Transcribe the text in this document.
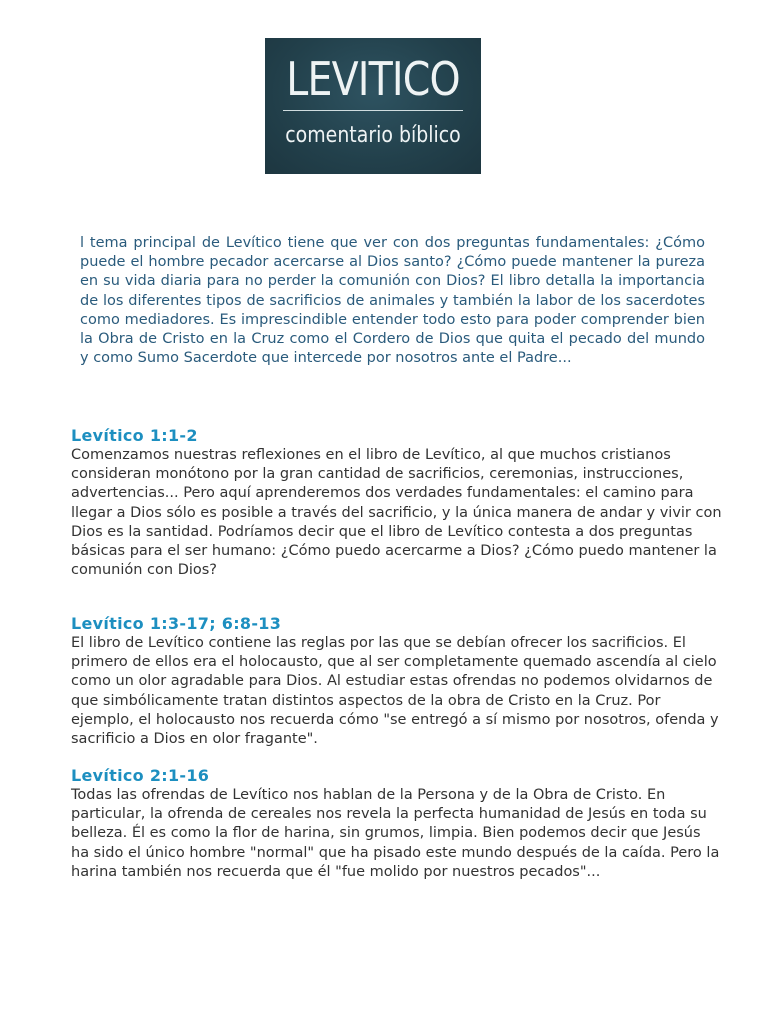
LEVITICO
comentario bíblico

l tema principal de Levítico tiene que ver con dos preguntas fundamentales: ¿Cómo puede el hombre pecador acercarse al Dios santo? ¿Cómo puede mantener la pureza en su vida diaria para no perder la comunión con Dios? El libro detalla la importancia de los diferentes tipos de sacrificios de animales y también la labor de los sacerdotes como mediadores. Es imprescindible entender todo esto para poder comprender bien la Obra de Cristo en la Cruz como el Cordero de Dios que quita el pecado del mundo y como Sumo Sacerdote que intercede por nosotros ante el Padre...

Levítico 1:1-2

Comenzamos nuestras reflexiones en el libro de Levítico, al que muchos cristianos consideran monótono por la gran cantidad de sacrificios, ceremonias, instrucciones, advertencias... Pero aquí aprenderemos dos verdades fundamentales: el camino para llegar a Dios sólo es posible a través del sacrificio, y la única manera de andar y vivir con Dios es la santidad. Podríamos decir que el libro de Levítico contesta a dos preguntas básicas para el ser humano: ¿Cómo puedo acercarme a Dios? ¿Cómo puedo mantener la comunión con Dios?

Levítico 1:3-17; 6:8-13

El libro de Levítico contiene las reglas por las que se debían ofrecer los sacrificios. El primero de ellos era el holocausto, que al ser completamente quemado ascendía al cielo como un olor agradable para Dios. Al estudiar estas ofrendas no podemos olvidarnos de que simbólicamente tratan distintos aspectos de la obra de Cristo en la Cruz. Por ejemplo, el holocausto nos recuerda cómo "se entregó a sí mismo por nosotros, ofenda y sacrificio a Dios en olor fragante".

Levítico 2:1-16

Todas las ofrendas de Levítico nos hablan de la Persona y de la Obra de Cristo. En particular, la ofrenda de cereales nos revela la perfecta humanidad de Jesús en toda su belleza. Él es como la flor de harina, sin grumos, limpia. Bien podemos decir que Jesús ha sido el único hombre "normal" que ha pisado este mundo después de la caída. Pero la harina también nos recuerda que él "fue molido por nuestros pecados"...
